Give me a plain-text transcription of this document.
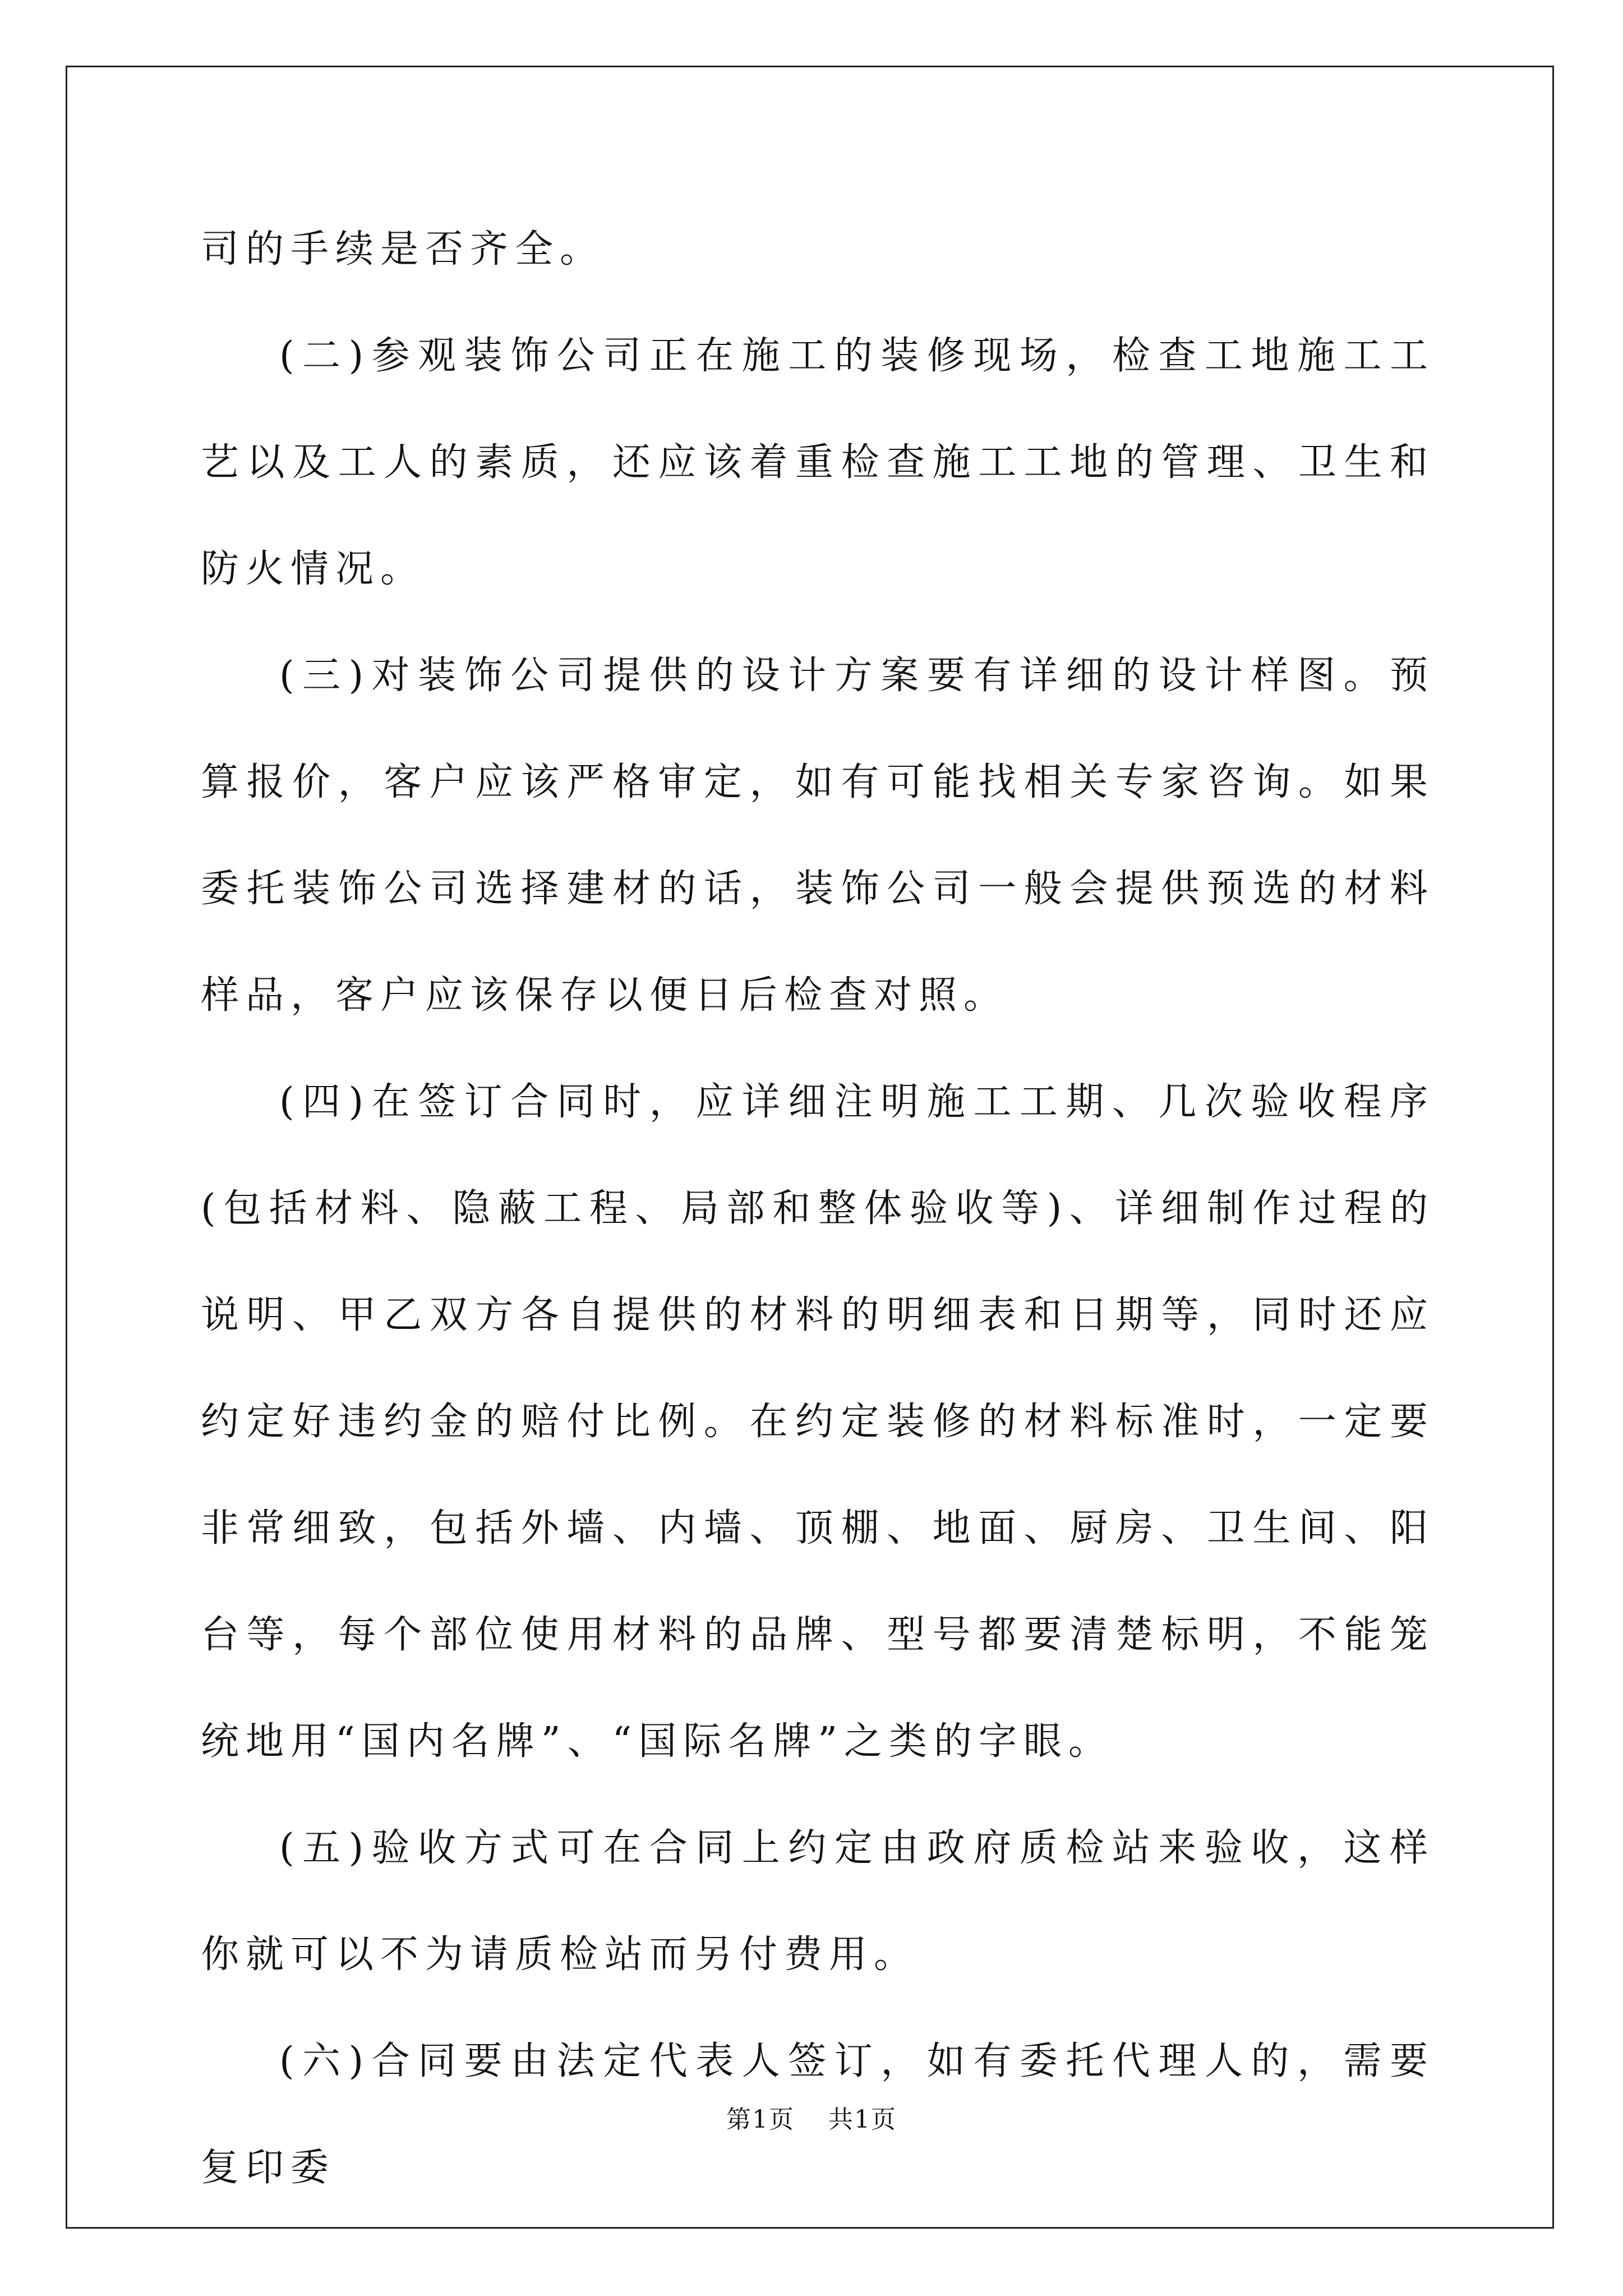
司的手续是否齐全。

(二)参观装饰公司正在施工的装修现场，检查工地施工工艺以及工人的素质，还应该着重检查施工工地的管理、卫生和防火情况。

(三)对装饰公司提供的设计方案要有详细的设计样图。预算报价，客户应该严格审定，如有可能找相关专家咨询。如果委托装饰公司选择建材的话，装饰公司一般会提供预选的材料样品，客户应该保存以便日后检查对照。

(四)在签订合同时，应详细注明施工工期、几次验收程序(包括材料、隐蔽工程、局部和整体验收等)、详细制作过程的说明、甲乙双方各自提供的材料的明细表和日期等，同时还应约定好违约金的赔付比例。在约定装修的材料标准时，一定要非常细致，包括外墙、内墙、顶棚、地面、厨房、卫生间、阳台等，每个部位使用材料的品牌、型号都要清楚标明，不能笼统地用“国内名牌”、“国际名牌”之类的字眼。

(五)验收方式可在合同上约定由政府质检站来验收，这样你就可以不为请质检站而另付费用。

(六)合同要由法定代表人签订，如有委托代理人的，需要复印委

第1页 共1页
